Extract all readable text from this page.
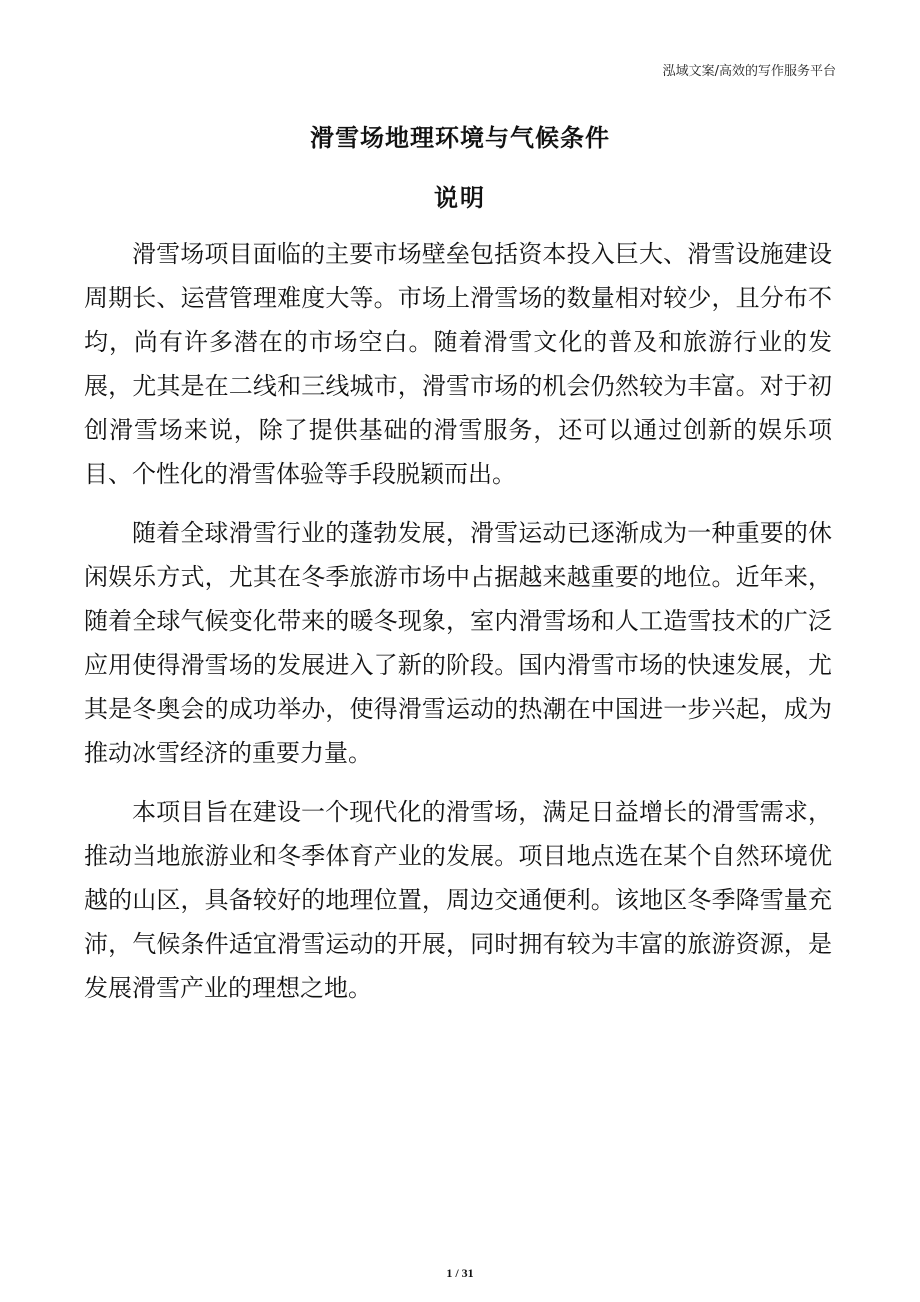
泓域文案/高效的写作服务平台
滑雪场地理环境与气候条件
说明

滑雪场项目面临的主要市场壁垒包括资本投入巨大、滑雪设施建设周期长、运营管理难度大等。市场上滑雪场的数量相对较少，且分布不均，尚有许多潜在的市场空白。随着滑雪文化的普及和旅游行业的发展，尤其是在二线和三线城市，滑雪市场的机会仍然较为丰富。对于初创滑雪场来说，除了提供基础的滑雪服务，还可以通过创新的娱乐项目、个性化的滑雪体验等手段脱颖而出。

随着全球滑雪行业的蓬勃发展，滑雪运动已逐渐成为一种重要的休闲娱乐方式，尤其在冬季旅游市场中占据越来越重要的地位。近年来，随着全球气候变化带来的暖冬现象，室内滑雪场和人工造雪技术的广泛应用使得滑雪场的发展进入了新的阶段。国内滑雪市场的快速发展，尤其是冬奥会的成功举办，使得滑雪运动的热潮在中国进一步兴起，成为推动冰雪经济的重要力量。

本项目旨在建设一个现代化的滑雪场，满足日益增长的滑雪需求，推动当地旅游业和冬季体育产业的发展。项目地点选在某个自然环境优越的山区，具备较好的地理位置，周边交通便利。该地区冬季降雪量充沛，气候条件适宜滑雪运动的开展，同时拥有较为丰富的旅游资源，是发展滑雪产业的理想之地。

1 / 31
